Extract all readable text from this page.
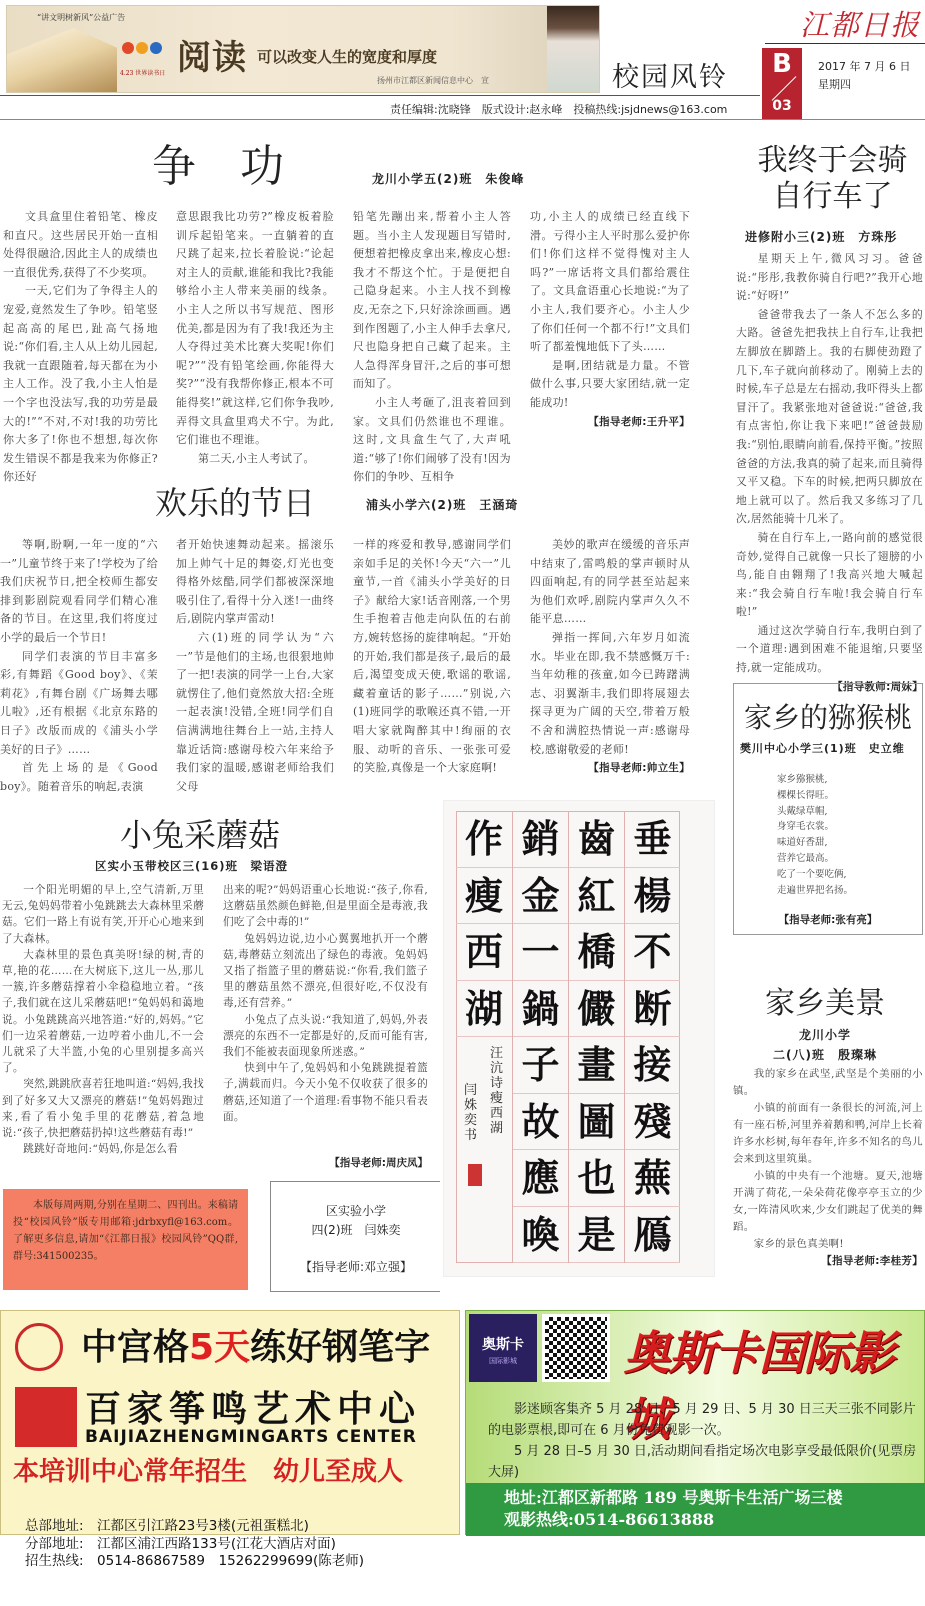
“讲文明树新风”公益广告
4.23 世界读书日 阅读 可以改变人生的宽度和厚度
扬州市江都区新闻信息中心　宣	校园风铃
江都日报
B
03
2017 年 7 月 6 日
星期四
责任编辑:沈晓锋　版式设计:赵永峰　投稿热线:jsjdnews@163.com
争　功	龙川小学五(2)班　朱俊峰

文具盒里住着铅笔、橡皮和直尺。这些居民开始一直相处得很融洽,因此主人的成绩也一直很优秀,获得了不少奖项。

一天,它们为了争得主人的宠爱,竟然发生了争吵。铅笔竖起高高的尾巴,趾高气扬地说:“你们看,主人从上幼儿园起,我就一直跟随着,每天都在为小主人工作。没了我,小主人怕是一个字也没法写,我的功劳是最大的!”“不对,不对!我的功劳比你大多了!你也不想想,每次你发生错误不都是我来为你修正?你还好

意思跟我比功劳?”橡皮板着脸训斥起铅笔来。一直躺着的直尺跳了起来,拉长着脸说:“论起对主人的贡献,谁能和我比?我能够给小主人带来美丽的线条。小主人之所以书写规范、图形优美,都是因为有了我!我还为主人夺得过美术比赛大奖呢!你们呢?”“没有铅笔绘画,你能得大奖?”“没有我帮你修正,根本不可能得奖!”就这样,它们你争我吵,弄得文具盒里鸡犬不宁。为此,它们谁也不理谁。

第二天,小主人考试了。

铅笔先蹦出来,帮着小主人答题。当小主人发现题目写错时,便想着把橡皮拿出来,橡皮心想:我才不帮这个忙。于是便把自己隐身起来。小主人找不到橡皮,无奈之下,只好涂涂画画。遇到作图题了,小主人伸手去拿尺,尺也隐身把自己藏了起来。主人急得浑身冒汗,之后的事可想而知了。

小主人考砸了,沮丧着回到家。文具们仍然谁也不理谁。这时,文具盒生气了,大声吼道:“够了!你们闹够了没有!因为你们的争吵、互相争

功,小主人的成绩已经直线下滑。亏得小主人平时那么爱护你们!你们这样不觉得愧对主人吗?”一席话将文具们都给震住了。文具盒语重心长地说:“为了小主人,我们要齐心。小主人少了你们任何一个都不行!”文具们听了都羞愧地低下了头……

是啊,团结就是力量。不管做什么事,只要大家团结,就一定能成功!

【指导老师:王升平】
我终于会骑
自行车了
进修附小三(2)班　方珠彤

星期天上午,微风习习。爸爸说:“彤彤,我教你骑自行吧?”我开心地说:“好呀!”

爸爸带我去了一条人不怎么多的大路。爸爸先把我扶上自行车,让我把左脚放在脚踏上。我的右脚使劲蹬了几下,车子就向前移动了。刚骑上去的时候,车子总是左右摇动,我吓得头上都冒汗了。我紧张地对爸爸说:“爸爸,我有点害怕,你让我下来吧!”爸爸鼓励我:“别怕,眼睛向前看,保持平衡。”按照爸爸的方法,我真的骑了起来,而且骑得又平又稳。下车的时候,把两只脚放在地上就可以了。然后我又多练习了几次,居然能骑十几米了。

骑在自行车上,一路向前的感觉很奇妙,觉得自己就像一只长了翅膀的小鸟,能自由翱翔了!我高兴地大喊起来:“我会骑自行车啦!我会骑自行车啦!”

通过这次学骑自行车,我明白到了一个道理:遇到困难不能退缩,只要坚持,就一定能成功。

【指导教师:周妹】
欢乐的节日	浦头小学六(2)班　王涵琦

等啊,盼啊,一年一度的“六一”儿童节终于来了!学校为了给我们庆祝节日,把全校师生都安排到影剧院观看同学们精心准备的节目。在这里,我们将度过小学的最后一个节日!

同学们表演的节目丰富多彩,有舞蹈《Good boy》、《茉莉花》,有舞台剧《广场舞去哪儿啦》,还有根据《北京东路的日子》改版而成的《浦头小学美好的日子》……

首先上场的是《Good boy》。随着音乐的响起,表演

者开始快速舞动起来。摇滚乐加上帅气十足的舞姿,灯光也变得格外炫酷,同学们都被深深地吸引住了,看得十分入迷!一曲终后,剧院内掌声雷动!

六(1)班的同学认为“六一”节是他们的主场,也很狠地帅了一把!表演的同学一上台,大家就愣住了,他们竟然放大招:全班一起表演!没错,全班!同学们自信满满地往舞台上一站,主持人靠近话筒:感谢母校六年来给予我们家的温暖,感谢老师给我们父母

一样的疼爱和教导,感谢同学们亲如手足的关怀!今天“六一”儿童节,一首《浦头小学美好的日子》献给大家!话音刚落,一个男生手抱着吉他走向队伍的右前方,婉转悠扬的旋律响起。“开始的开始,我们都是孩子,最后的最后,渴望变成天使,歌谣的歌谣,藏着童话的影子……”别说,六(1)班同学的歌喉还真不错,一开唱大家就陶醉其中!绚丽的衣服、动听的音乐、一张张可爱的笑脸,真像是一个大家庭啊!

美妙的歌声在缓缓的音乐声中结束了,雷鸣般的掌声顿时从四面响起,有的同学甚至站起来为他们欢呼,剧院内掌声久久不能平息……

弹指一挥间,六年岁月如流水。毕业在即,我不禁感慨万千:当年幼稚的孩童,如今已踌躇满志、羽翼渐丰,我们即将展翅去探寻更为广阔的天空,带着万般不舍和满腔热情说一声:感谢母校,感谢敬爱的老师!

【指导老师:帅立生】
家乡的猕猴桃
樊川中心小学三(1)班　史立维
家乡猕猴桃,
棵棵长得旺。
头戴绿草帽,
身穿毛衣裳。
味道好香甜,
营养它最高。
吃了一个要吃俩,
走遍世界把名扬。
【指导老师:张有亮】
小兔采蘑菇
区实小玉带校区三(16)班　梁语澄

一个阳光明媚的早上,空气清新,万里无云,兔妈妈带着小兔跳跳去大森林里采蘑菇。它们一路上有说有笑,开开心心地来到了大森林。

大森林里的景色真美呀!绿的树,青的草,艳的花……在大树底下,这儿一丛,那儿一簇,许多蘑菇撑着小伞稳稳地立着。“孩子,我们就在这儿采蘑菇吧!”兔妈妈和蔼地说。小兔跳跳高兴地答道:“好的,妈妈。”它们一边采着蘑菇,一边哼着小曲儿,不一会儿就采了大半篮,小兔的心里别提多高兴了。

突然,跳跳欣喜若狂地叫道:“妈妈,我找到了好多又大又漂亮的蘑菇!”兔妈妈跑过来,看了看小兔手里的花蘑菇,着急地说:“孩子,快把蘑菇扔掉!这些蘑菇有毒!”

跳跳好奇地问:“妈妈,你是怎么看

出来的呢?”妈妈语重心长地说:“孩子,你看,这蘑菇虽然颜色鲜艳,但是里面全是毒液,我们吃了会中毒的!”

兔妈妈边说,边小心翼翼地扒开一个蘑菇,毒蘑菇立刻流出了绿色的毒液。兔妈妈又指了指篮子里的蘑菇说:“你看,我们篮子里的蘑菇虽然不漂亮,但很好吃,不仅没有毒,还有营养。”

小兔点了点头说:“我知道了,妈妈,外表漂亮的东西不一定都是好的,反而可能有害,我们不能被表面现象所迷惑。”

快到中午了,兔妈妈和小兔跳跳提着篮子,满载而归。今天小兔不仅收获了很多的蘑菇,还知道了一个道理:看事物不能只看表面。

【指导老师:周庆凤】
垂
楊
不
断
接
殘
蕪
鴈
齒
紅
橋
儼
畫
圖
也
是
銷
金
一
鍋
子
故
應
喚
作
瘦
西
湖
汪沆诗瘦西湖
闫姝奕书
家乡美景
龙川小学
二(八)班　殷璨琳

我的家乡在武坚,武坚是个美丽的小镇。

小镇的前面有一条很长的河流,河上有一座石桥,河里养着鹅和鸭,河岸上长着许多水杉树,每年春年,许多不知名的鸟儿会来到这里筑巢。

小镇的中央有一个池塘。夏天,池塘开满了荷花,一朵朵荷花像亭亭玉立的少女,一阵清风吹来,少女们跳起了优美的舞蹈。

家乡的景色真美啊!

【指导老师:李桂芳】

本版每周两期,分别在星期二、四刊出。来稿请投“校园风铃”版专用邮箱:jdrbxyfl@163.com。了解更多信息,请加“《江都日报》校园风铃”QQ群,群号:341500235。

区实验小学
四(2)班　闫姝奕
【指导老师:邓立强】
中宫格5天练好钢笔字
百家筝鸣艺术中心
BAIJIAZHENGMINGARTS CENTER
本培训中心常年招生　幼儿至成人

总部地址:　江都区引江路23号3楼(元祖蛋糕北)
分部地址:　江都区浦江西路133号(江花大酒店对面)
招生热线:　0514-86867589　15262299699(陈老师)

奥斯卡
国际影城	奥斯卡国际影城

影迷顾客集齐 5 月 28 日、5 月 29 日、5 月 30 日三天三张不同影片的电影票根,即可在 6 月份免费观影一次。

5 月 28 日–5 月 30 日,活动期间看指定场次电影享受最低限价(见票房大屏)

地址:江都区新都路 189 号奥斯卡生活广场三楼
观影热线:0514-86613888
